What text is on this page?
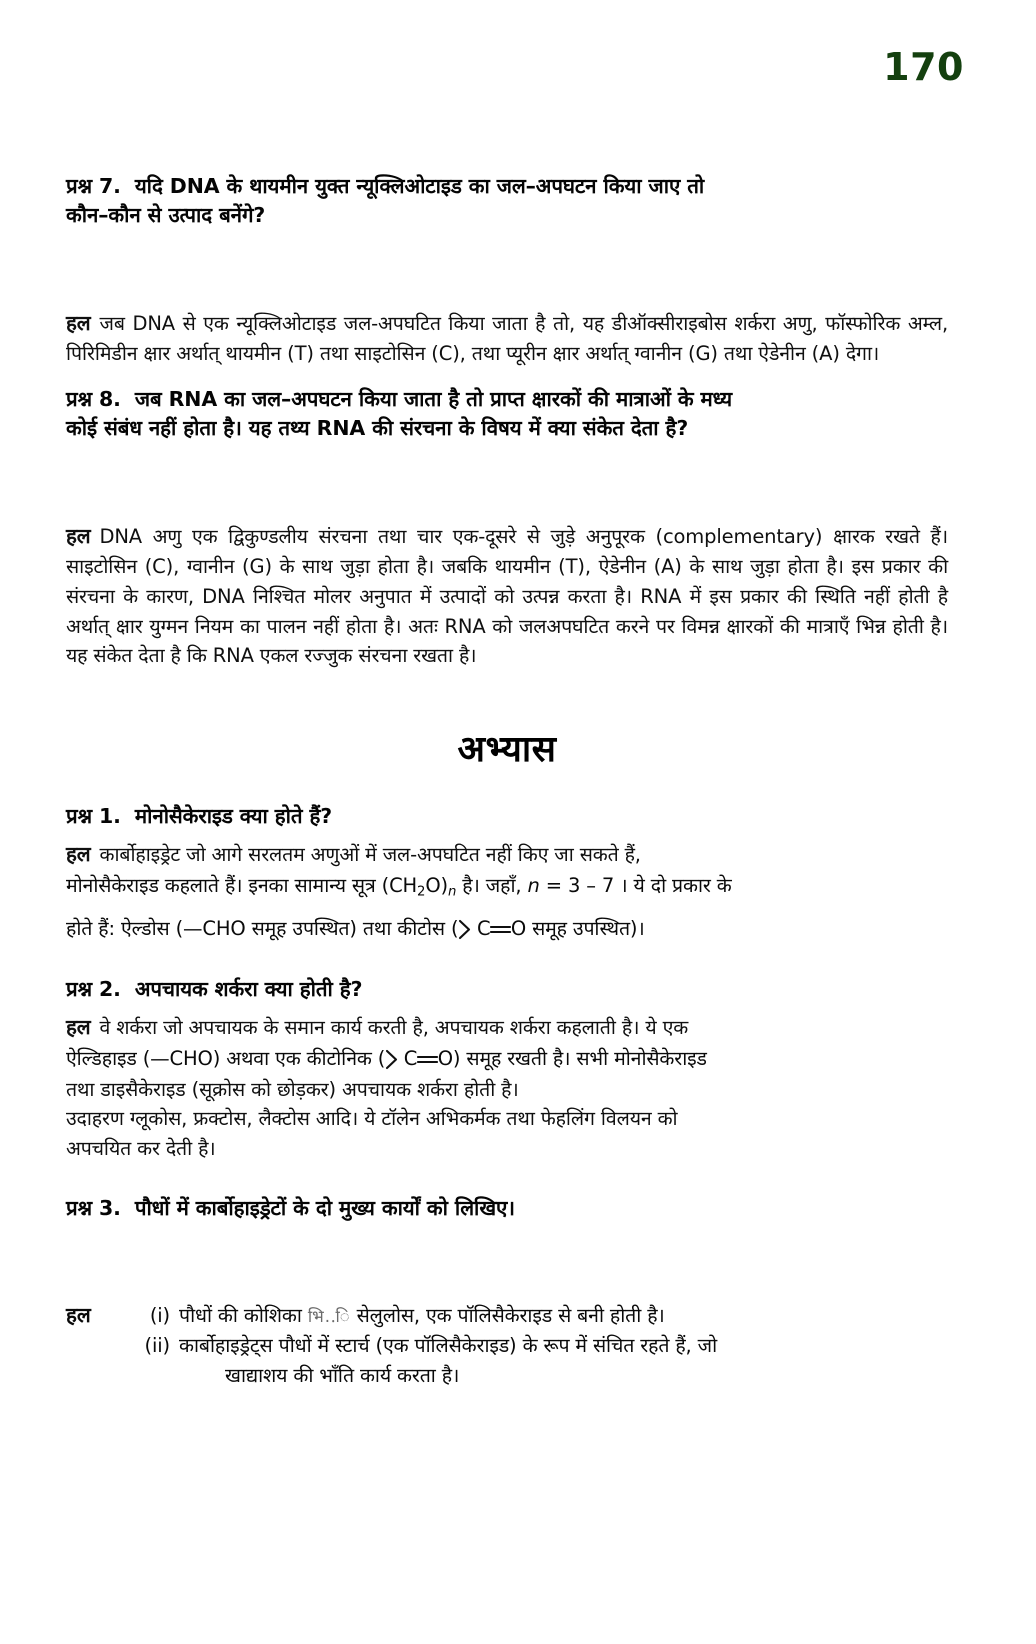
170
प्रश्न 7. यदि DNA के थायमीन युक्त न्यूक्लिओटाइड का जल–अपघटन किया जाए तो
कौन–कौन से उत्पाद बनेंगे?
हल जब DNA से एक न्यूक्लिओटाइड जल-अपघटित किया जाता है तो, यह डीऑक्सीराइबोस शर्करा अणु, फॉस्फोरिक अम्ल, पिरिमिडीन क्षार अर्थात् थायमीन (T) तथा साइटोसिन (C), तथा प्यूरीन क्षार अर्थात् ग्वानीन (G) तथा ऐडेनीन (A) देगा।
प्रश्न 8. जब RNA का जल–अपघटन किया जाता है तो प्राप्त क्षारकों की मात्राओं के मध्य
कोई संबंध नहीं होता है। यह तथ्य RNA की संरचना के विषय में क्या संकेत देता है?
हल DNA अणु एक द्विकुण्डलीय संरचना तथा चार एक-दूसरे से जुड़े अनुपूरक (complementary) क्षारक रखते हैं। साइटोसिन (C), ग्वानीन (G) के साथ जुड़ा होता है। जबकि थायमीन (T), ऐडेनीन (A) के साथ जुड़ा होता है। इस प्रकार की संरचना के कारण, DNA निश्चित मोलर अनुपात में उत्पादों को उत्पन्न करता है। RNA में इस प्रकार की स्थिति नहीं होती है अर्थात् क्षार युग्मन नियम का पालन नहीं होता है। अतः RNA को जलअपघटित करने पर विमन्न क्षारकों की मात्राएँ भिन्न होती है। यह संकेत देता है कि RNA एकल रज्जुक संरचना रखता है।
अभ्यास
प्रश्न 1. मोनोसैकेराइड क्या होते हैं?
हल कार्बोहाइड्रेट जो आगे सरलतम अणुओं में जल-अपघटित नहीं किए जा सकते हैं,
मोनोसैकेराइड कहलाते हैं। इनका सामान्य सूत्र $(CH_2O)_n$ है। जहाँ, n = 3 – 7 । ये दो प्रकार के
होते हैं: ऐल्डोस (—CHO समूह उपस्थित) तथा कीटोस ( C O समूह उपस्थित)।
प्रश्न 2. अपचायक शर्करा क्या होती है?
हल वे शर्करा जो अपचायक के समान कार्य करती है, अपचायक शर्करा कहलाती है। ये एक
ऐल्डिहाइड (—CHO) अथवा एक कीटोनिक ( C O) समूह रखती है। सभी मोनोसैकेराइड
तथा डाइसैकेराइड (सूक्रोस को छोड़कर) अपचायक शर्करा होती है।
उदाहरण ग्लूकोस, फ्रक्टोस, लैक्टोस आदि। ये टॉलेन अभिकर्मक तथा फेहलिंग विलयन को
अपचयित कर देती है।
प्रश्न 3. पौधों में कार्बोहाइड्रेटों के दो मुख्य कार्यों को लिखिए।
हल	(i) पौधों की कोशिका भि..ि सेलुलोस, एक पॉलिसैकेराइड से बनी होती है।
(ii) कार्बोहाइड्रेट्स पौधों में स्टार्च (एक पॉलिसैकेराइड) के रूप में संचित रहते हैं, जो
खाद्याशय की भाँति कार्य करता है।
